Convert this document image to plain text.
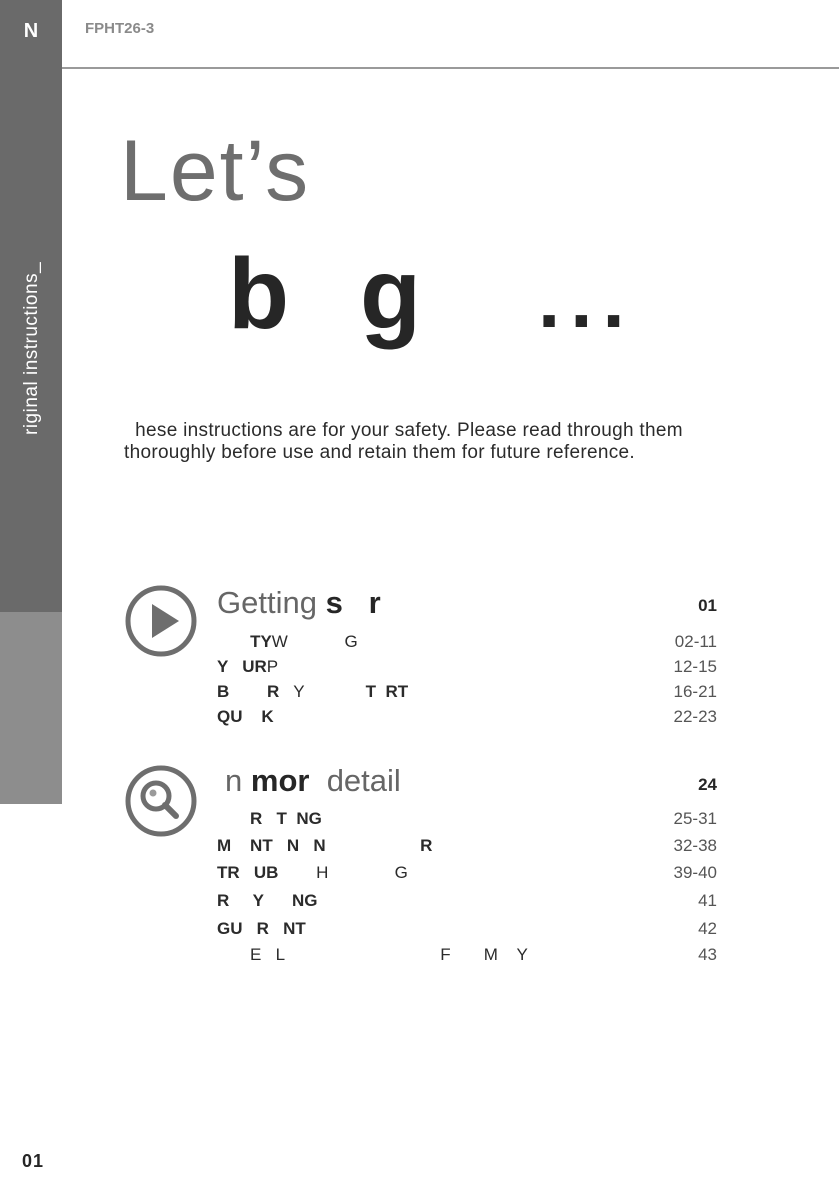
N
riginal instructions_
FPHT26-3
Let’s
b g ...
hese instructions are for your safety. Please read through them thoroughly before use and retain them for future reference.
Getting s r	01
TYW            G	02-11
Y   URP	12-15
B        R   Y             T  RT	16-21
QU    K	22-23
n mor detail	24
R   T  NG	25-31
M    NT   N   N                    R	32-38
TR   UB        H              G	39-40
R     Y      NG	41
GU   R   NT	42
E   L                                 F       M    Y	43
01
